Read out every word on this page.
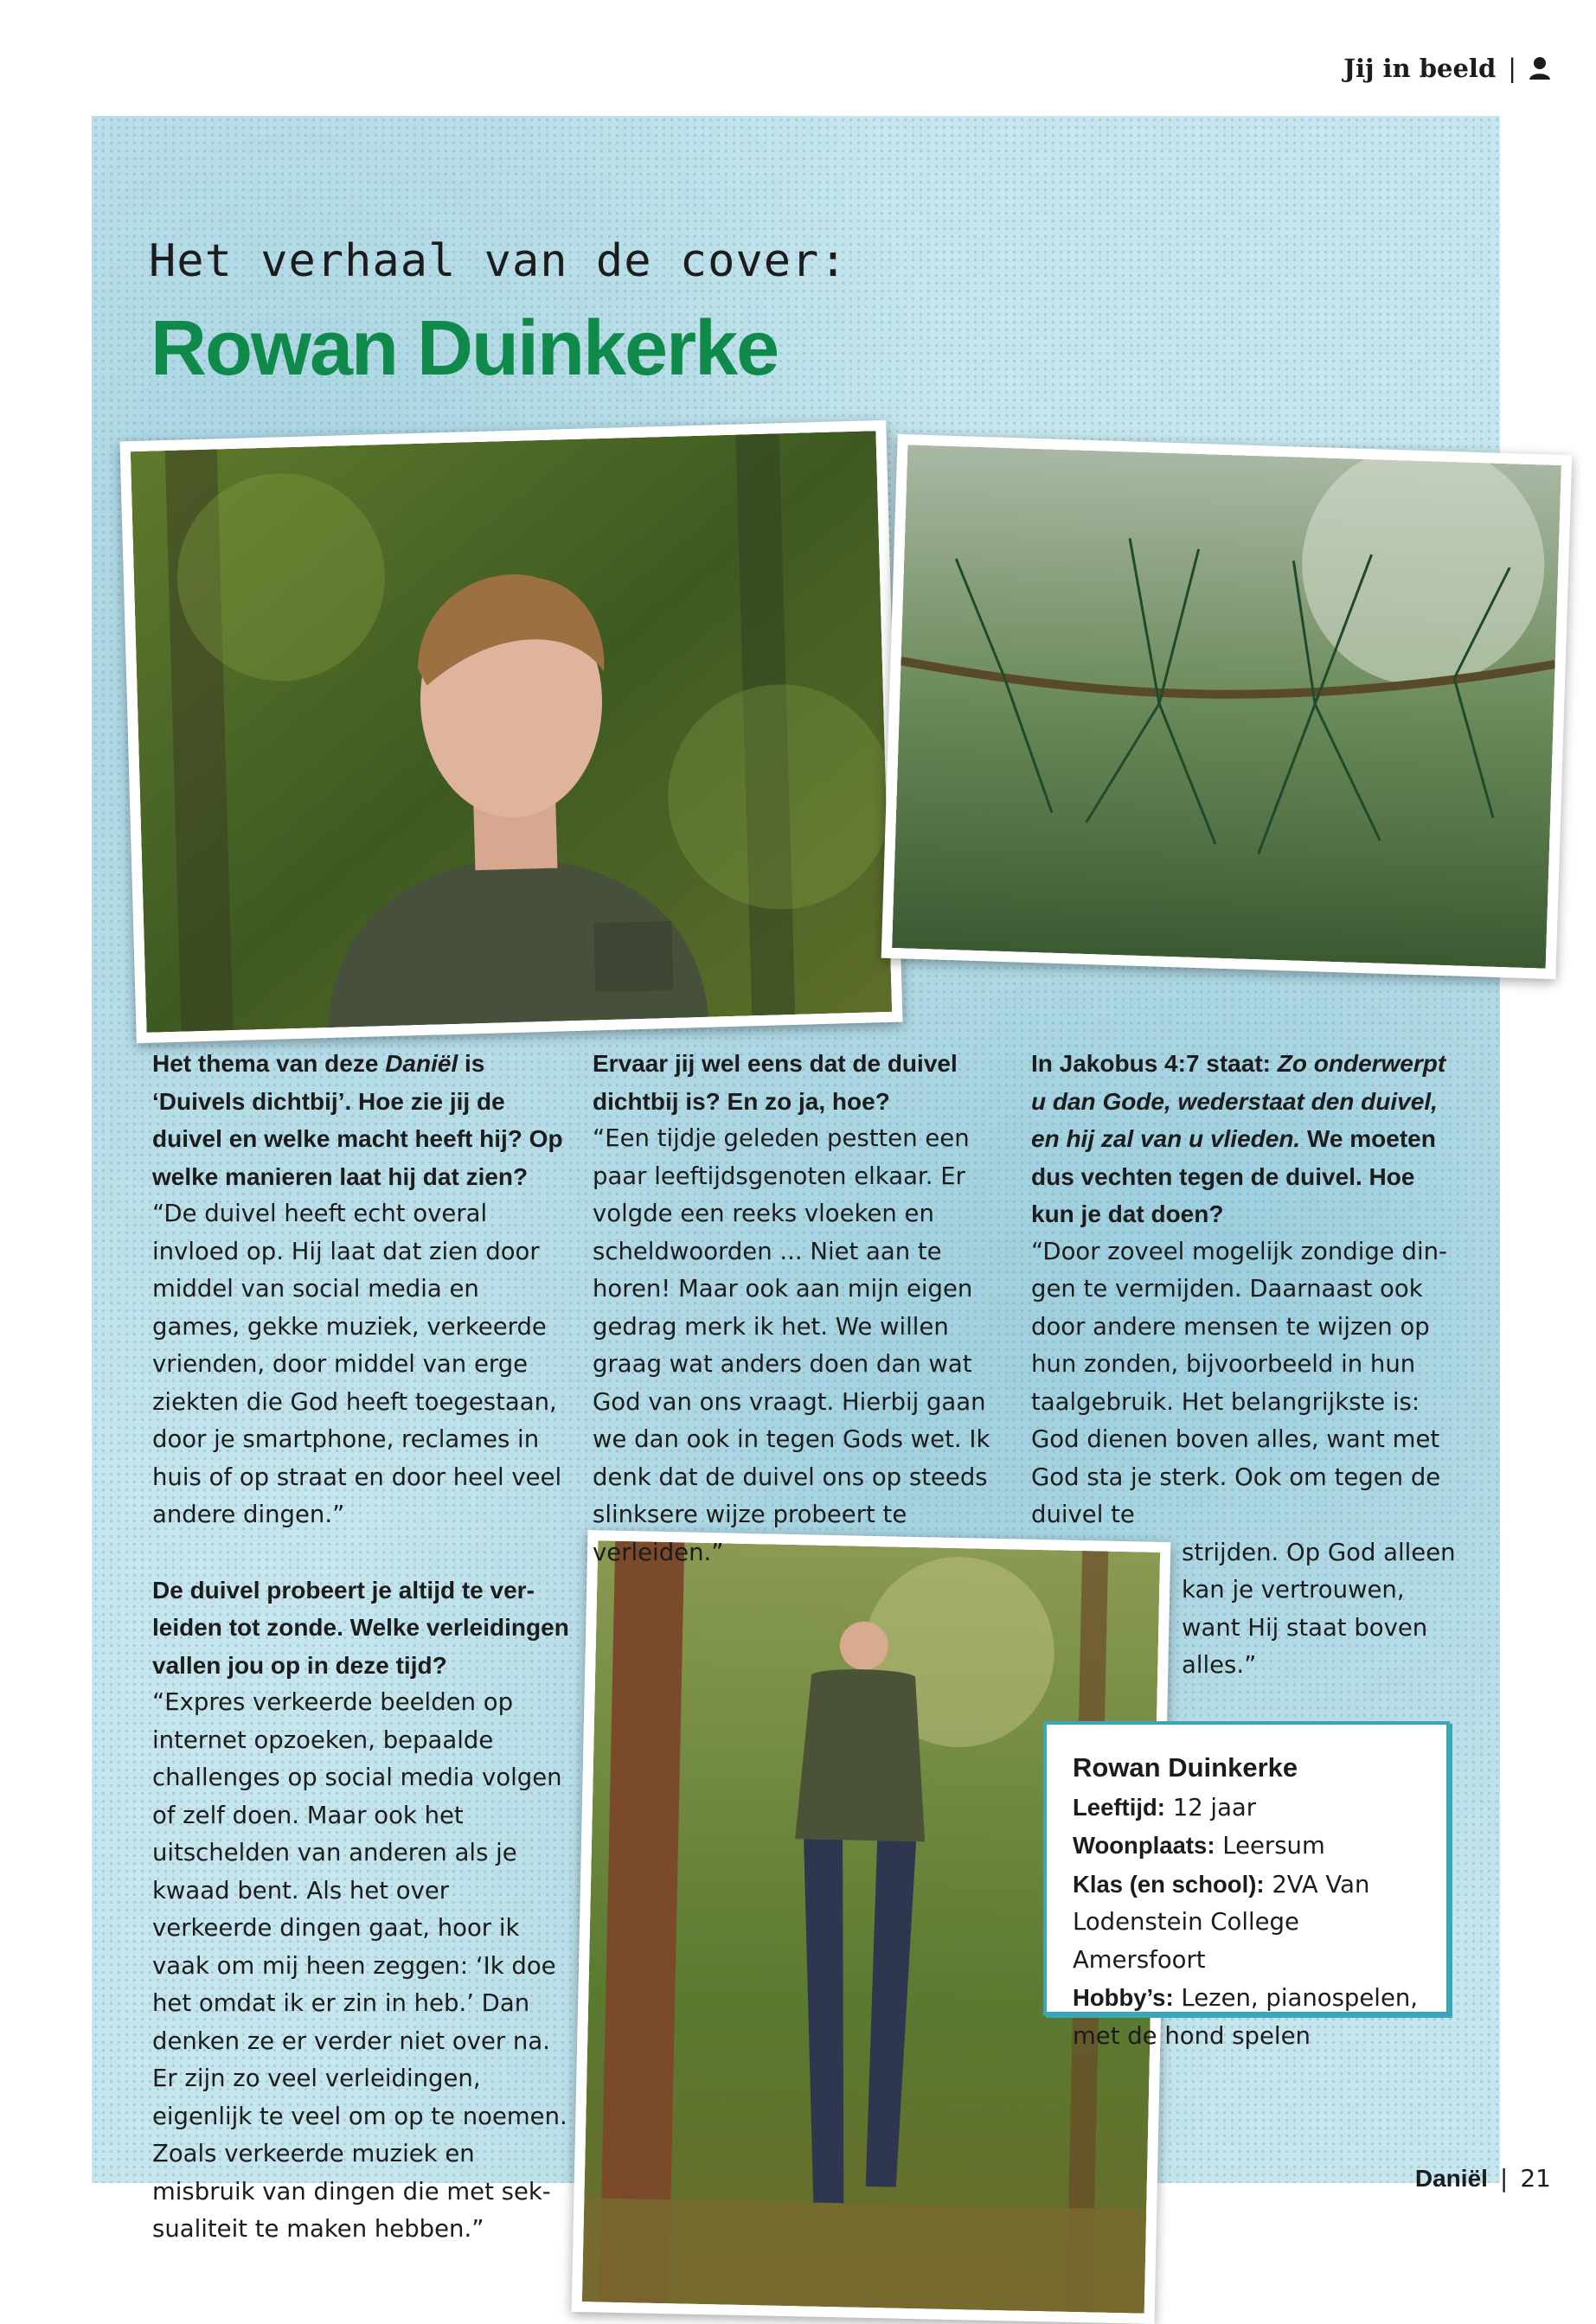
Jij in beeld |
Het verhaal van de cover:
Rowan Duinkerke

Het thema van deze Daniël is ‘Duivels dichtbij’. Hoe zie jij de duivel en welke macht heeft hij? Op welke manieren laat hij dat zien?

“De duivel heeft echt overal invloed op. Hij laat dat zien door middel van social media en games, gekke muziek, verkeerde vrienden, door middel van erge ziekten die God heeft toegestaan, door je smartphone, reclames in huis of op straat en door heel veel andere dingen.”

De duivel probeert je altijd te verleiden tot zonde. Welke verleidingen vallen jou op in deze tijd?

“Expres verkeerde beelden op internet opzoeken, bepaalde challenges op social media volgen of zelf doen. Maar ook het uitschelden van anderen als je kwaad bent. Als het over verkeerde dingen gaat, hoor ik vaak om mij heen zeggen: ‘Ik doe het omdat ik er zin in heb.’ Dan denken ze er verder niet over na. Er zijn zo veel verleidingen, eigenlijk te veel om op te noemen. Zoals verkeerde muziek en misbruik van dingen die met seksualiteit te maken hebben.”

Ervaar jij wel eens dat de duivel dichtbij is? En zo ja, hoe?

“Een tijdje geleden pestten een paar leeftijdsgenoten elkaar. Er volgde een reeks vloeken en scheldwoorden ... Niet aan te horen! Maar ook aan mijn eigen gedrag merk ik het. We willen graag wat anders doen dan wat God van ons vraagt. Hierbij gaan we dan ook in tegen Gods wet. Ik denk dat de duivel ons op steeds slinksere wijze probeert te verleiden.”

In Jakobus 4:7 staat: Zo onderwerpt u dan Gode, wederstaat den duivel, en hij zal van u vlieden. We moeten dus vechten tegen de duivel. Hoe kun je dat doen?

“Door zoveel mogelijk zondige dingen te vermijden. Daarnaast ook door andere mensen te wijzen op hun zonden, bijvoorbeeld in hun taalgebruik. Het belangrijkste is: God dienen boven alles, want met God sta je sterk. Ook om tegen de duivel te

strijden. Op God alleen kan je vertrouwen, want Hij staat boven alles.”

Rowan Duinkerke
Leeftijd: 12 jaar
Woonplaats: Leersum
Klas (en school): 2VA Van Lodenstein College Amersfoort
Hobby’s: Lezen, pianospelen, met de hond spelen
Daniël | 21
